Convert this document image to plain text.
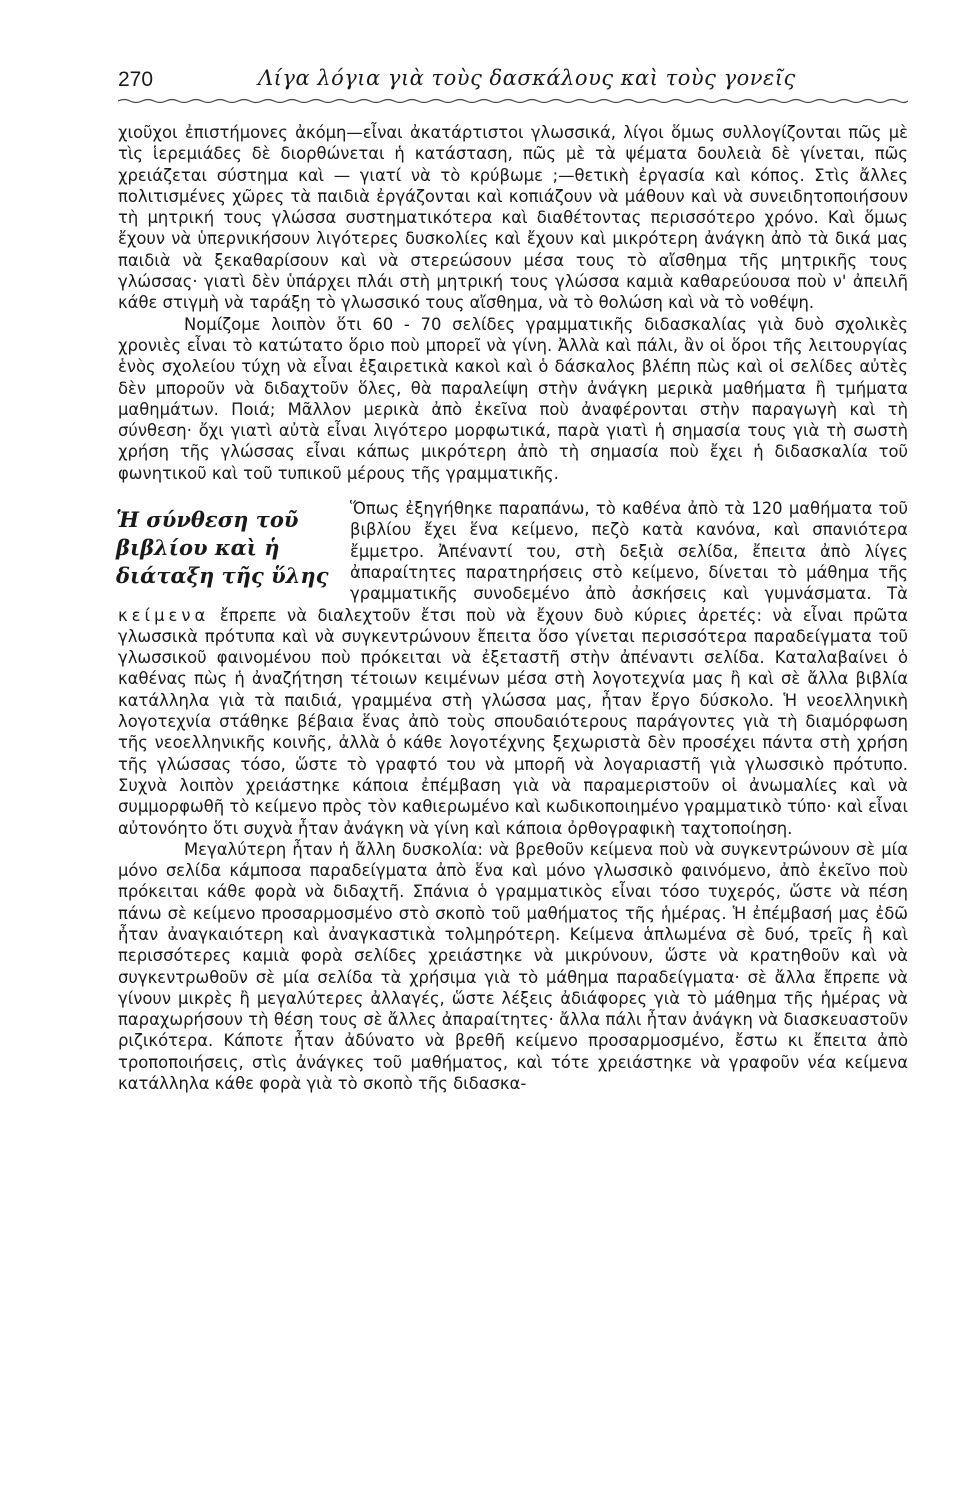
270	Λίγα λόγια γιὰ τοὺς δασκάλους καὶ τοὺς γονεῖς

χιοῦχοι ἐπιστήμονες ἀκόμη—εἶναι ἀκατάρτιστοι γλωσσικά, λίγοι ὅμως συλλογίζονται πῶς μὲ τὶς ἱερεμιάδες δὲ διορθώνεται ἡ κατάσταση, πῶς μὲ τὰ ψέματα δουλειὰ δὲ γίνεται, πῶς χρειάζεται σύστημα καὶ — γιατί νὰ τὸ κρύβωμε ;—θετικὴ ἐργασία καὶ κόπος. Στὶς ἄλλες πολιτισμένες χῶρες τὰ παιδιὰ ἐργάζονται καὶ κοπιάζουν νὰ μάθουν καὶ νὰ συνειδητοποιήσουν τὴ μητρική τους γλώσσα συστηματικότερα καὶ διαθέτοντας περισσότερο χρόνο. Καὶ ὅμως ἔχουν νὰ ὑπερνικήσουν λιγότερες δυσκολίες καὶ ἔχουν καὶ μικρότερη ἀνάγκη ἀπὸ τὰ δικά μας παιδιὰ νὰ ξεκαθαρίσουν καὶ νὰ στερεώσουν μέσα τους τὸ αἴσθημα τῆς μητρικῆς τους γλώσσας· γιατὶ δὲν ὑπάρχει πλάι στὴ μητρική τους γλώσσα καμιὰ καθαρεύουσα ποὺ ν' ἀπειλῆ κάθε στιγμὴ νὰ ταράξη τὸ γλωσσικό τους αἴσθημα, νὰ τὸ θολώση καὶ νὰ τὸ νοθέψη.

Νομίζομε λοιπὸν ὅτι 60 - 70 σελίδες γραμματικῆς διδασκαλίας γιὰ δυὸ σχολικὲς χρονιὲς εἶναι τὸ κατώτατο ὅριο ποὺ μπορεῖ νὰ γίνη. Ἀλλὰ καὶ πάλι, ἂν οἱ ὅροι τῆς λειτουργίας ἑνὸς σχολείου τύχη νὰ εἶναι ἐξαιρετικὰ κακοὶ καὶ ὁ δάσκαλος βλέπη πὼς καὶ οἱ σελίδες αὐτὲς δὲν μποροῦν νὰ διδαχτοῦν ὅλες, θὰ παραλείψη στὴν ἀνάγκη μερικὰ μαθήματα ἢ τμήματα μαθημάτων. Ποιά; Μᾶλλον μερικὰ ἀπὸ ἐκεῖνα ποὺ ἀναφέρονται στὴν παραγωγὴ καὶ τὴ σύνθεση· ὄχι γιατὶ αὐτὰ εἶναι λιγότερο μορφωτικά, παρὰ γιατὶ ἡ σημασία τους γιὰ τὴ σωστὴ χρήση τῆς γλώσσας εἶναι κάπως μικρότερη ἀπὸ τὴ σημασία ποὺ ἔχει ἡ διδασκαλία τοῦ φωνητικοῦ καὶ τοῦ τυπικοῦ μέρους τῆς γραμματικῆς.

Ἡ σύνθεση τοῦ
βιβλίου καὶ ἡ
διάταξη τῆς ὕλης

Ὅπως ἐξηγήθηκε παραπάνω, τὸ καθένα ἀπὸ τὰ 120 μαθήματα τοῦ βιβλίου ἔχει ἕνα κείμενο, πεζὸ κατὰ κανόνα, καὶ σπανιότερα ἔμμετρο. Ἀπέναντί του, στὴ δεξιὰ σελίδα, ἔπειτα ἀπὸ λίγες ἀπαραίτητες παρατηρήσεις στὸ κείμενο, δίνεται τὸ μάθημα τῆς γραμματικῆς συνοδεμένο ἀπὸ ἀσκήσεις καὶ γυμνάσματα. Τὰ κείμενα ἔπρεπε νὰ διαλεχτοῦν ἔτσι ποὺ νὰ ἔχουν δυὸ κύριες ἀρετές: νὰ εἶναι πρῶτα γλωσσικὰ πρότυπα καὶ νὰ συγκεντρώνουν ἔπειτα ὅσο γίνεται περισσότερα παραδείγματα τοῦ γλωσσικοῦ φαινομένου ποὺ πρόκειται νὰ ἐξεταστῆ στὴν ἀπέναντι σελίδα. Καταλαβαίνει ὁ καθένας πὼς ἡ ἀναζήτηση τέτοιων κειμένων μέσα στὴ λογοτεχνία μας ἢ καὶ σὲ ἄλλα βιβλία κατάλληλα γιὰ τὰ παιδιά, γραμμένα στὴ γλώσσα μας, ἦταν ἔργο δύσκολο. Ἡ νεοελληνικὴ λογοτεχνία στάθηκε βέβαια ἕνας ἀπὸ τοὺς σπουδαιότερους παράγοντες γιὰ τὴ διαμόρφωση τῆς νεοελληνικῆς κοινῆς, ἀλλὰ ὁ κάθε λογοτέχνης ξεχωριστὰ δὲν προσέχει πάντα στὴ χρήση τῆς γλώσσας τόσο, ὥστε τὸ γραφτό του νὰ μπορῆ νὰ λογαριαστῆ γιὰ γλωσσικὸ πρότυπο. Συχνὰ λοιπὸν χρειάστηκε κάποια ἐπέμβαση γιὰ νὰ παραμεριστοῦν οἱ ἀνωμαλίες καὶ νὰ συμμορφωθῆ τὸ κείμενο πρὸς τὸν καθιερωμένο καὶ κωδικοποιημένο γραμματικὸ τύπο· καὶ εἶναι αὐτονόητο ὅτι συχνὰ ἦταν ἀνάγκη νὰ γίνη καὶ κάποια ὀρθογραφικὴ ταχτοποίηση.

Μεγαλύτερη ἦταν ἡ ἄλλη δυσκολία: νὰ βρεθοῦν κείμενα ποὺ νὰ συγκεντρώνουν σὲ μία μόνο σελίδα κάμποσα παραδείγματα ἀπὸ ἕνα καὶ μόνο γλωσσικὸ φαινόμενο, ἀπὸ ἐκεῖνο ποὺ πρόκειται κάθε φορὰ νὰ διδαχτῆ. Σπάνια ὁ γραμματικὸς εἶναι τόσο τυχερός, ὥστε νὰ πέση πάνω σὲ κείμενο προσαρμοσμένο στὸ σκοπὸ τοῦ μαθήματος τῆς ἡμέρας. Ἡ ἐπέμβασή μας ἐδῶ ἦταν ἀναγκαιότερη καὶ ἀναγκαστικὰ τολμηρότερη. Κείμενα ἁπλωμένα σὲ δυό, τρεῖς ἢ καὶ περισσότερες καμιὰ φορὰ σελίδες χρειάστηκε νὰ μικρύνουν, ὥστε νὰ κρατηθοῦν καὶ νὰ συγκεντρωθοῦν σὲ μία σελίδα τὰ χρήσιμα γιὰ τὸ μάθημα παραδείγματα· σὲ ἄλλα ἔπρεπε νὰ γίνουν μικρὲς ἢ μεγαλύτερες ἀλλαγές, ὥστε λέξεις ἀδιάφορες γιὰ τὸ μάθημα τῆς ἡμέρας νὰ παραχωρήσουν τὴ θέση τους σὲ ἄλλες ἀπαραίτητες· ἄλλα πάλι ἦταν ἀνάγκη νὰ διασκευαστοῦν ριζικότερα. Κάποτε ἦταν ἀδύνατο νὰ βρεθῆ κείμενο προσαρμοσμένο, ἔστω κι ἔπειτα ἀπὸ τροποποιήσεις, στὶς ἀνάγκες τοῦ μαθήματος, καὶ τότε χρειάστηκε νὰ γραφοῦν νέα κείμενα κατάλληλα κάθε φορὰ γιὰ τὸ σκοπὸ τῆς διδασκα-
